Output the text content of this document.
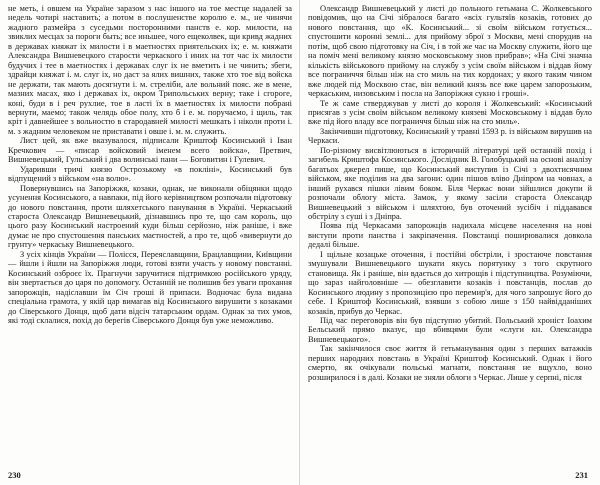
не меть, і овшем на Україне заразом з нас іншого на тое местце надалей за недель чотирі наставить; а потом в послушенстве королю е. м., не чинячи жадного размейра з суседьми посторонними панств е. кор. милости, на звиклих месцах за пороги быть; все иньшее, чого ещеколвек, щи кривд жадних в державах княжат іх милости і в маетностях приятельских іх; е. м. княжати Александра Вишневецкого старости черкаского і иних на тот час іх милости будучих і тее в маетностях і державах слуг іх не вметить і не чинить; збеги, здрайци княжат і. м. слуг іх, но даст за ялих вишних, также хто тое від войска не держати, так мають досягнути і. м. стреліби, але вольний пояс. же в мене, мазних масах, яко і державах іх, окром Трипольських верну; таке і сгороге, коні, буди в і реч рухлие, тое в ласті їх в маетностях іх милости побрані вернути, маемо; також челядь обое полу, хто б і е. м. поручаємо, і щиль, так кріт і давнейшее з вольностю в стародавней милості мешкать і ніколи проти і. м. з жадним человеком не приставати і овше і. м. м. служить.

Лист цей, як вже вказувалося, підписали Криштоф Косинський і Іван Кречкович — «писар войсковий іменем всего войска», Претвич, Вишневецький, Гульський і два волинські пани — Боговитин і Гулевич.

Ударивши тричі князю Острозькому «в покліні», Косинський був відпущений з військом «на волю».

Повернувшись на Запоріжжя, козаки, однак, не виконали обіцянки щодо усунення Косинського, а навпаки, під його керівництвом розпочали підготовку до нового повстання, проти шляхетського панування в Україні. Черкаський староста Олександр Вишневецький, дізнавшись про те, що сам король, що цього разу Косинський настроений куди більш серйозно, ніж раніше, і вже думає не про спустошення панських маєтностей, а про те, щоб «вивернути до грунту» черкаську Вишневецького.

З усіх кінців України — Полісся, Переяславщини, Брацлавщини, Київщини — йшли і йшли на Запоріжжя люди, готові взяти участь у новому повстанні. Косинський озброєє їх. Прагнучи заручитися підтримкою російського уряду, він звертається до царя по допомогу. Останній не полишив без уваги прохання запорожців, надіславши їм Січ гроші й припаси. Водночас була видана спеціальна грамота, у якій цар вимагав від Косинського вирушити з козаками до Сіверського Донця, щоб дати відсіч татарським ордам. Однак за тих умов, які тоді склалися, похід до берегів Сіверського Донця був уже неможливо.

230

Олександр Вишневецький у листі до польного гетьмана С. Жолкевського повідомив, що на Січі зібралося багато «всіх гультяїв козаків, готових до нового повстання, що «К. Косинський... зі своїм військом готується... спустошити коронні землі... для прийому зброї з Москви, мені спорудив на потім, щоб свою підготовку на Січ, і в той же час на Москву служити, його ще на поміч мені великому князю московському знов прибрав»; «На Січі значна кількість військового прийому на службу з усім своїм військом і віддав йому все пограниччя більш ніж на сто миль на тих кордонах; у якого таким чином вже людей під Москвою стає, він великий князь все вже царем запорозьким, черкаським, низовським і посла на Запоріжжя сукно і гроші».

Те ж саме стверджував у листі до короля і Жолкевський: «Косинський присягав з усім своїм військом великому князеві Московському і віддав було вже під його владу все пограниччя більш ніж на сто миль».

Закінчивши підготовку, Косинський у травні 1593 р. із військом вирушив на Черкаси.

По-різному висвітлюються в історичній літературі цей останній похід і загибель Криштофа Косинського. Дослідник В. Голобуцький на основі аналізу багатьох джерел пише, що Косинський виступив із Січі з двохтисячним військом, яке поділив на два загони: один пішов вліво Дніпром на човнах, а інший рухався пішки лівим боком. Біля Черкас вони зійшлися докупи й розпочали облогу міста. Замок, у якому засіли староста Олександр Вишневецький з військом і шляхтою, був оточений зусібіч і піддавався обстрілу з суші і з Дніпра.

Поява під Черкасами запорожців надихала місцеве населення на нові виступи проти панства і закріпачення. Повстанці поширювалися довкола дедалі більше.

І щільне козацьке оточення, і постійні обстріли, і зростаюче повстання змушували Вишневецького шукати якусь порятунку з того скрутного становища. Як і раніше, він вдається до хитрощів і підступництва. Розуміючи, що зараз найголовніше — обезглавити козаків і повстанців, послав до Косинського людину з пропозицією про перемир'я, для чого запрошує його до себе. І Криштоф Косинський, взявши з собою лише з 150 найвідданіших козаків, прибув до Черкас.

Під час переговорів він був підступно убитий. Польський хроніст Іоахим Бельський прямо вказує, що вбивцями були «слуги кн. Олександра Вишневецького».

Так закінчилося своє життя й гетьманування один з перших ватажків перших народних повстань в Україні Криштоф Косинський. Однак і його смертю, як очікували польські магнати, повстання не вщухло, воно розширилося і в далі. Козаки не зняли облоги з Черкас. Лише у серпні, після

231
